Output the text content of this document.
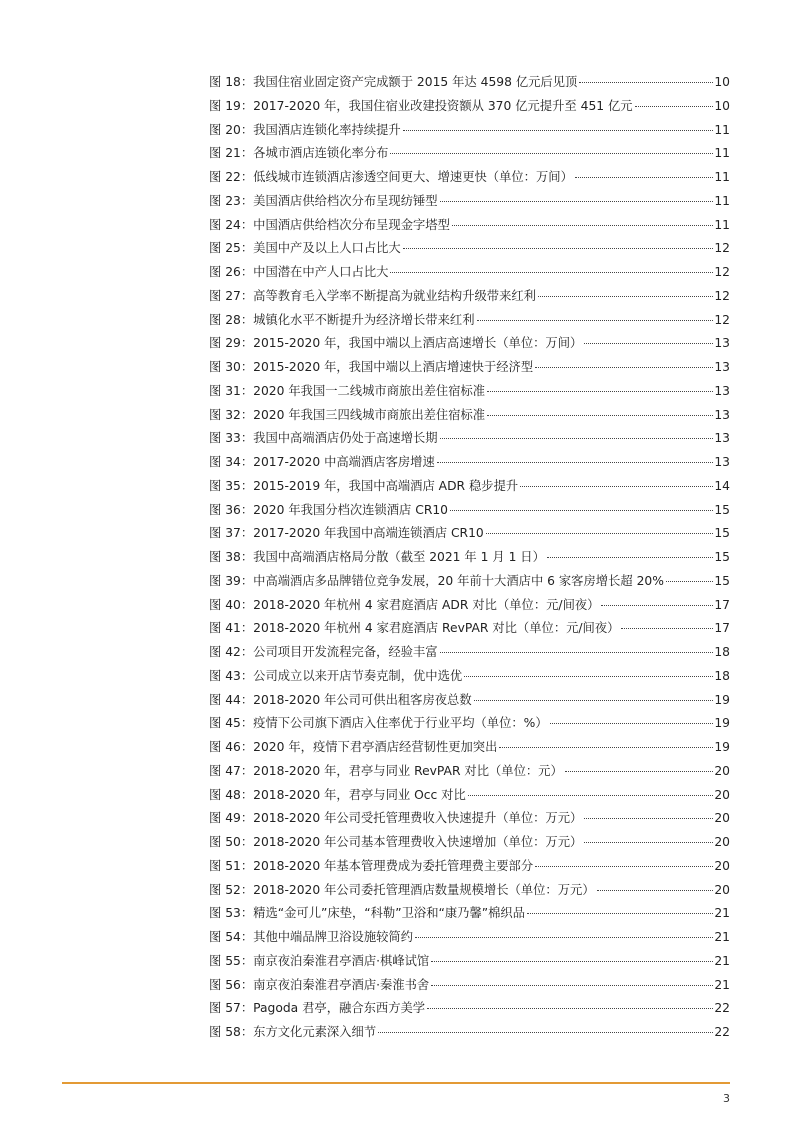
图 18：我国住宿业固定资产完成额于 2015 年达 4598 亿元后见顶	10
图 19：2017-2020 年，我国住宿业改建投资额从 370 亿元提升至 451 亿元	10
图 20：我国酒店连锁化率持续提升	11
图 21：各城市酒店连锁化率分布	11
图 22：低线城市连锁酒店渗透空间更大、增速更快（单位：万间）	11
图 23：美国酒店供给档次分布呈现纺锤型	11
图 24：中国酒店供给档次分布呈现金字塔型	11
图 25：美国中产及以上人口占比大	12
图 26：中国潜在中产人口占比大	12
图 27：高等教育毛入学率不断提高为就业结构升级带来红利	12
图 28：城镇化水平不断提升为经济增长带来红利	12
图 29：2015-2020 年，我国中端以上酒店高速增长（单位：万间）	13
图 30：2015-2020 年，我国中端以上酒店增速快于经济型	13
图 31：2020 年我国一二线城市商旅出差住宿标准	13
图 32：2020 年我国三四线城市商旅出差住宿标准	13
图 33：我国中高端酒店仍处于高速增长期	13
图 34：2017-2020 中高端酒店客房增速	13
图 35：2015-2019 年，我国中高端酒店 ADR 稳步提升	14
图 36：2020 年我国分档次连锁酒店 CR10	15
图 37：2017-2020 年我国中高端连锁酒店 CR10	15
图 38：我国中高端酒店格局分散（截至 2021 年 1 月 1 日）	15
图 39：中高端酒店多品牌错位竞争发展，20 年前十大酒店中 6 家客房增长超 20%	15
图 40：2018-2020 年杭州 4 家君庭酒店 ADR 对比（单位：元/间夜）	17
图 41：2018-2020 年杭州 4 家君庭酒店 RevPAR 对比（单位：元/间夜）	17
图 42：公司项目开发流程完备，经验丰富	18
图 43：公司成立以来开店节奏克制，优中选优	18
图 44：2018-2020 年公司可供出租客房夜总数	19
图 45：疫情下公司旗下酒店入住率优于行业平均（单位：%）	19
图 46：2020 年，疫情下君亭酒店经营韧性更加突出	19
图 47：2018-2020 年，君亭与同业 RevPAR 对比（单位：元）	20
图 48：2018-2020 年，君亭与同业 Occ 对比	20
图 49：2018-2020 年公司受托管理费收入快速提升（单位：万元）	20
图 50：2018-2020 年公司基本管理费收入快速增加（单位：万元）	20
图 51：2018-2020 年基本管理费成为委托管理费主要部分	20
图 52：2018-2020 年公司委托管理酒店数量规模增长（单位：万元）	20
图 53：精选“金可儿”床垫，“科勒”卫浴和“康乃馨”棉织品	21
图 54：其他中端品牌卫浴设施较简约	21
图 55：南京夜泊秦淮君亭酒店·棋峰试馆	21
图 56：南京夜泊秦淮君亭酒店·秦淮书舍	21
图 57：Pagoda 君亭，融合东西方美学	22
图 58：东方文化元素深入细节	22
3
